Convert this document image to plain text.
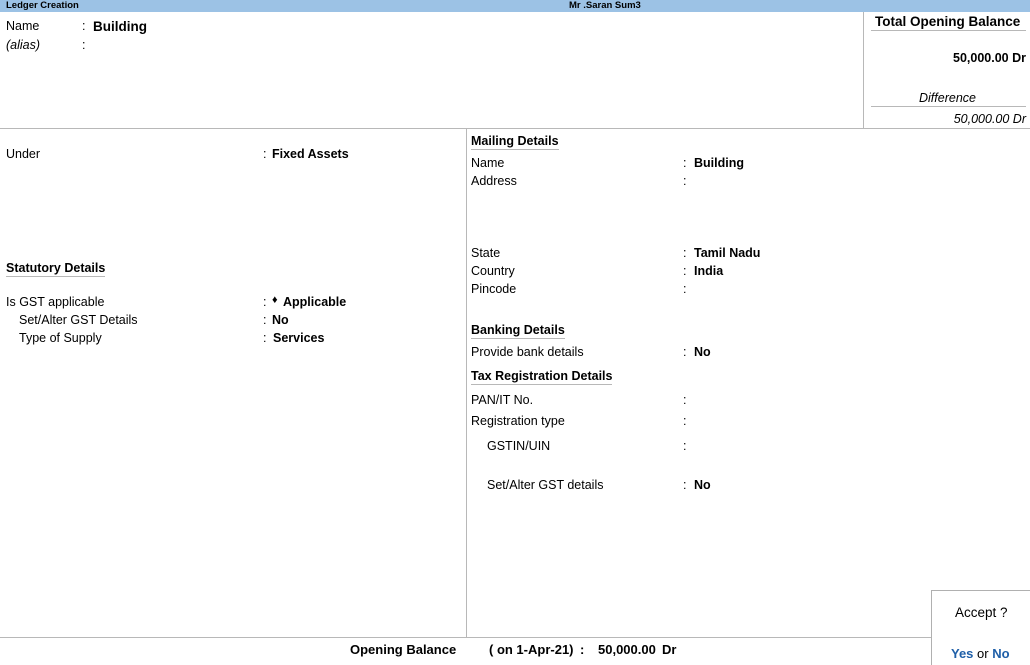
Ledger Creation	Mr .Saran Sum3
Name	: Building
(alias)	:
Total Opening Balance
50,000.00 Dr
Difference
50,000.00 Dr
Under	: Fixed Assets
Statutory Details
Is GST applicable	: ♦ Applicable
Set/Alter GST Details	: No
Type of Supply	: Services
Mailing Details
Name	: Building
Address	:
State	: Tamil Nadu
Country	: India
Pincode	:
Banking Details
Provide bank details	: No
Tax Registration Details
PAN/IT No.	:
Registration type	:
GSTIN/UIN	:
Set/Alter GST details	: No
Opening Balance	( on 1-Apr-21) : 50,000.00 Dr
Accept ?
Yes or No
